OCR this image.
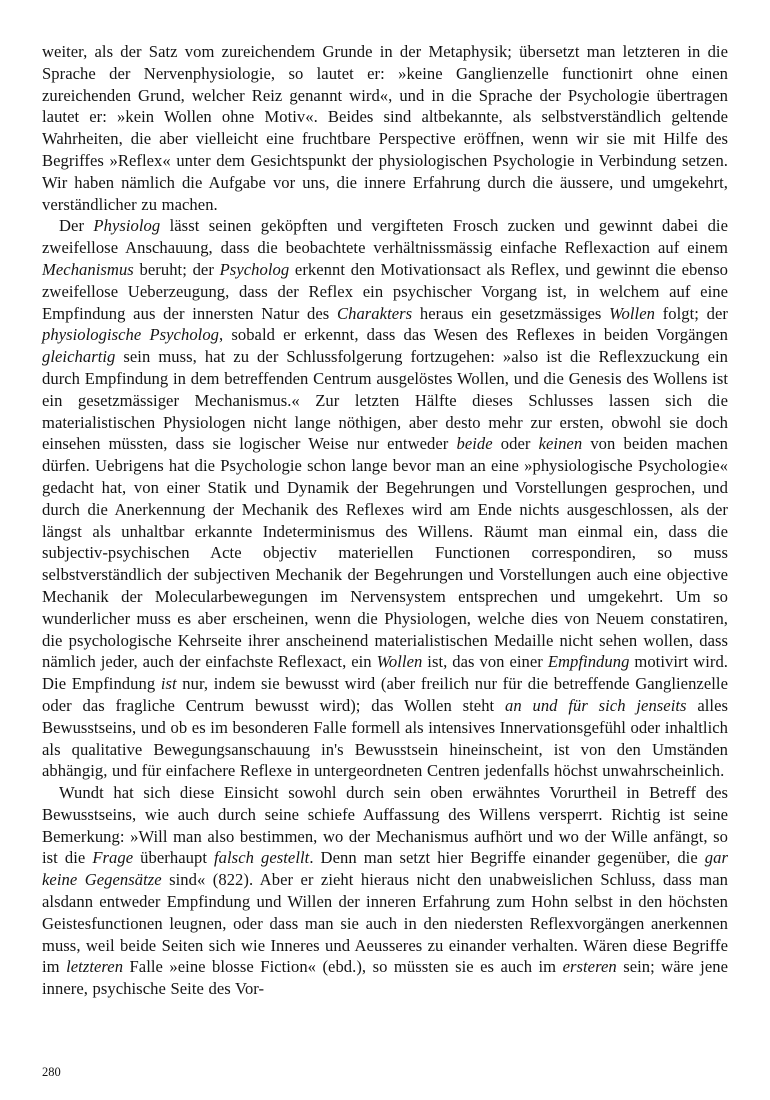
weiter, als der Satz vom zureichendem Grunde in der Metaphysik; übersetzt man letzteren in die Sprache der Nervenphysiologie, so lautet er: »keine Ganglienzelle functionirt ohne einen zureichenden Grund, welcher Reiz genannt wird«, und in die Sprache der Psychologie übertragen lautet er: »kein Wollen ohne Motiv«. Beides sind altbekannte, als selbstverständlich geltende Wahrheiten, die aber vielleicht eine fruchtbare Perspective eröffnen, wenn wir sie mit Hilfe des Begriffes »Reflex« unter dem Gesichtspunkt der physiologischen Psychologie in Verbindung setzen. Wir haben nämlich die Aufgabe vor uns, die innere Erfahrung durch die äussere, und umgekehrt, verständlicher zu machen.

Der Physiolog lässt seinen geköpften und vergifteten Frosch zucken und gewinnt dabei die zweifellose Anschauung, dass die beobachtete verhältnissmässig einfache Reflexaction auf einem Mechanismus beruht; der Psycholog erkennt den Motivationsact als Reflex, und gewinnt die ebenso zweifellose Ueberzeugung, dass der Reflex ein psychischer Vorgang ist, in welchem auf eine Empfindung aus der innersten Natur des Charakters heraus ein gesetzmässiges Wollen folgt; der physiologische Psycholog, sobald er erkennt, dass das Wesen des Reflexes in beiden Vorgängen gleichartig sein muss, hat zu der Schlussfolgerung fortzugehen: »also ist die Reflexzuckung ein durch Empfindung in dem betreffenden Centrum ausgelöstes Wollen, und die Genesis des Wollens ist ein gesetzmässiger Mechanismus.« Zur letzten Hälfte dieses Schlusses lassen sich die materialistischen Physiologen nicht lange nöthigen, aber desto mehr zur ersten, obwohl sie doch einsehen müssten, dass sie logischer Weise nur entweder beide oder keinen von beiden machen dürfen. Uebrigens hat die Psychologie schon lange bevor man an eine »physiologische Psychologie« gedacht hat, von einer Statik und Dynamik der Begehrungen und Vorstellungen gesprochen, und durch die Anerkennung der Mechanik des Reflexes wird am Ende nichts ausgeschlossen, als der längst als unhaltbar erkannte Indeterminismus des Willens. Räumt man einmal ein, dass die subjectiv-psychischen Acte objectiv materiellen Functionen correspondiren, so muss selbstverständlich der subjectiven Mechanik der Begehrungen und Vorstellungen auch eine objective Mechanik der Molecularbewegungen im Nervensystem entsprechen und umgekehrt. Um so wunderlicher muss es aber erscheinen, wenn die Physiologen, welche dies von Neuem constatiren, die psychologische Kehrseite ihrer anscheinend materialistischen Medaille nicht sehen wollen, dass nämlich jeder, auch der einfachste Reflexact, ein Wollen ist, das von einer Empfindung motivirt wird. Die Empfindung ist nur, indem sie bewusst wird (aber freilich nur für die betreffende Ganglienzelle oder das fragliche Centrum bewusst wird); das Wollen steht an und für sich jenseits alles Bewusstseins, und ob es im besonderen Falle formell als intensives Innervationsgefühl oder inhaltlich als qualitative Bewegungsanschauung in's Bewusstsein hineinscheint, ist von den Umständen abhängig, und für einfachere Reflexe in untergeordneten Centren jedenfalls höchst unwahrscheinlich.

Wundt hat sich diese Einsicht sowohl durch sein oben erwähntes Vorurtheil in Betreff des Bewusstseins, wie auch durch seine schiefe Auffassung des Willens versperrt. Richtig ist seine Bemerkung: »Will man also bestimmen, wo der Mechanismus aufhört und wo der Wille anfängt, so ist die Frage überhaupt falsch gestellt. Denn man setzt hier Begriffe einander gegenüber, die gar keine Gegensätze sind« (822). Aber er zieht hieraus nicht den unabweislichen Schluss, dass man alsdann entweder Empfindung und Willen der inneren Erfahrung zum Hohn selbst in den höchsten Geistesfunctionen leugnen, oder dass man sie auch in den niedersten Reflexvorgängen anerkennen muss, weil beide Seiten sich wie Inneres und Aeusseres zu einander verhalten. Wären diese Begriffe im letzteren Falle »eine blosse Fiction« (ebd.), so müssten sie es auch im ersteren sein; wäre jene innere, psychische Seite des Vor-

280
